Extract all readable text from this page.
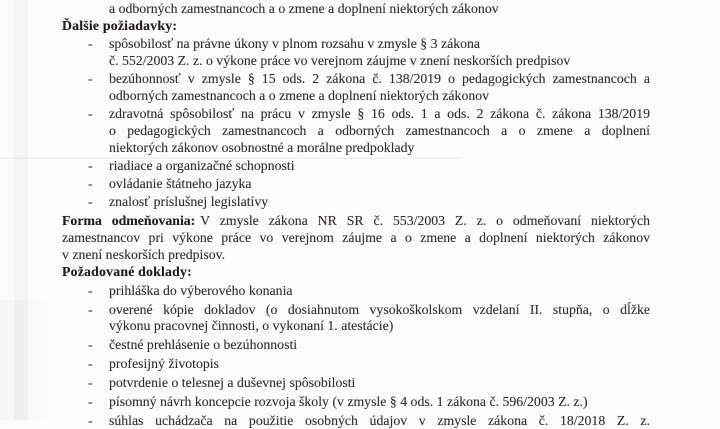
a odborných zamestnancoch a o zmene a doplnení niektorých zákonov
Ďalšie požiadavky:
-	spôsobilosť na právne úkony v plnom rozsahu v zmysle § 3 zákona
č. 552/2003 Z. z. o výkone práce vo verejnom záujme v znení neskorších predpisov
-	bezúhonnosť v zmysle § 15 ods. 2 zákona č. 138/2019 o pedagogických zamestnancoch a
odborných zamestnancoch a o zmene a doplnení niektorých zákonov
-	zdravotná spôsobilosť na prácu v zmysle § 16 ods. 1 a ods. 2 zákona č. zákona 138/2019
o pedagogických zamestnancoch a odborných zamestnancoch a o zmene a doplnení
niektorých zákonov osobnostné a morálne predpoklady
-	riadiace a organizačné schopnosti
-	ovládanie štátneho jazyka
-	znalosť príslušnej legislatívy
Forma odmeňovania: V zmysle zákona NR SR č. 553/2003 Z. z. o odmeňovaní niektorých
zamestnancov pri výkone práce vo verejnom záujme a o zmene a doplnení niektorých zákonov
v znení neskorších predpisov.
Požadované doklady:
-	prihláška do výberového konania
-	overené kópie dokladov (o dosiahnutom vysokoškolskom vzdelaní II. stupňa, o dĺžke
výkonu pracovnej činnosti, o vykonaní 1. atestácie)
-	čestné prehlásenie o bezúhonnosti
-	profesijný životopis
-	potvrdenie o telesnej a duševnej spôsobilosti
-	písomný návrh koncepcie rozvoja školy (v zmysle § 4 ods. 1 zákona č. 596/2003 Z. z.)
-	súhlas uchádzača na použitie osobných údajov v zmysle zákona č. 18/2018 Z. z.
